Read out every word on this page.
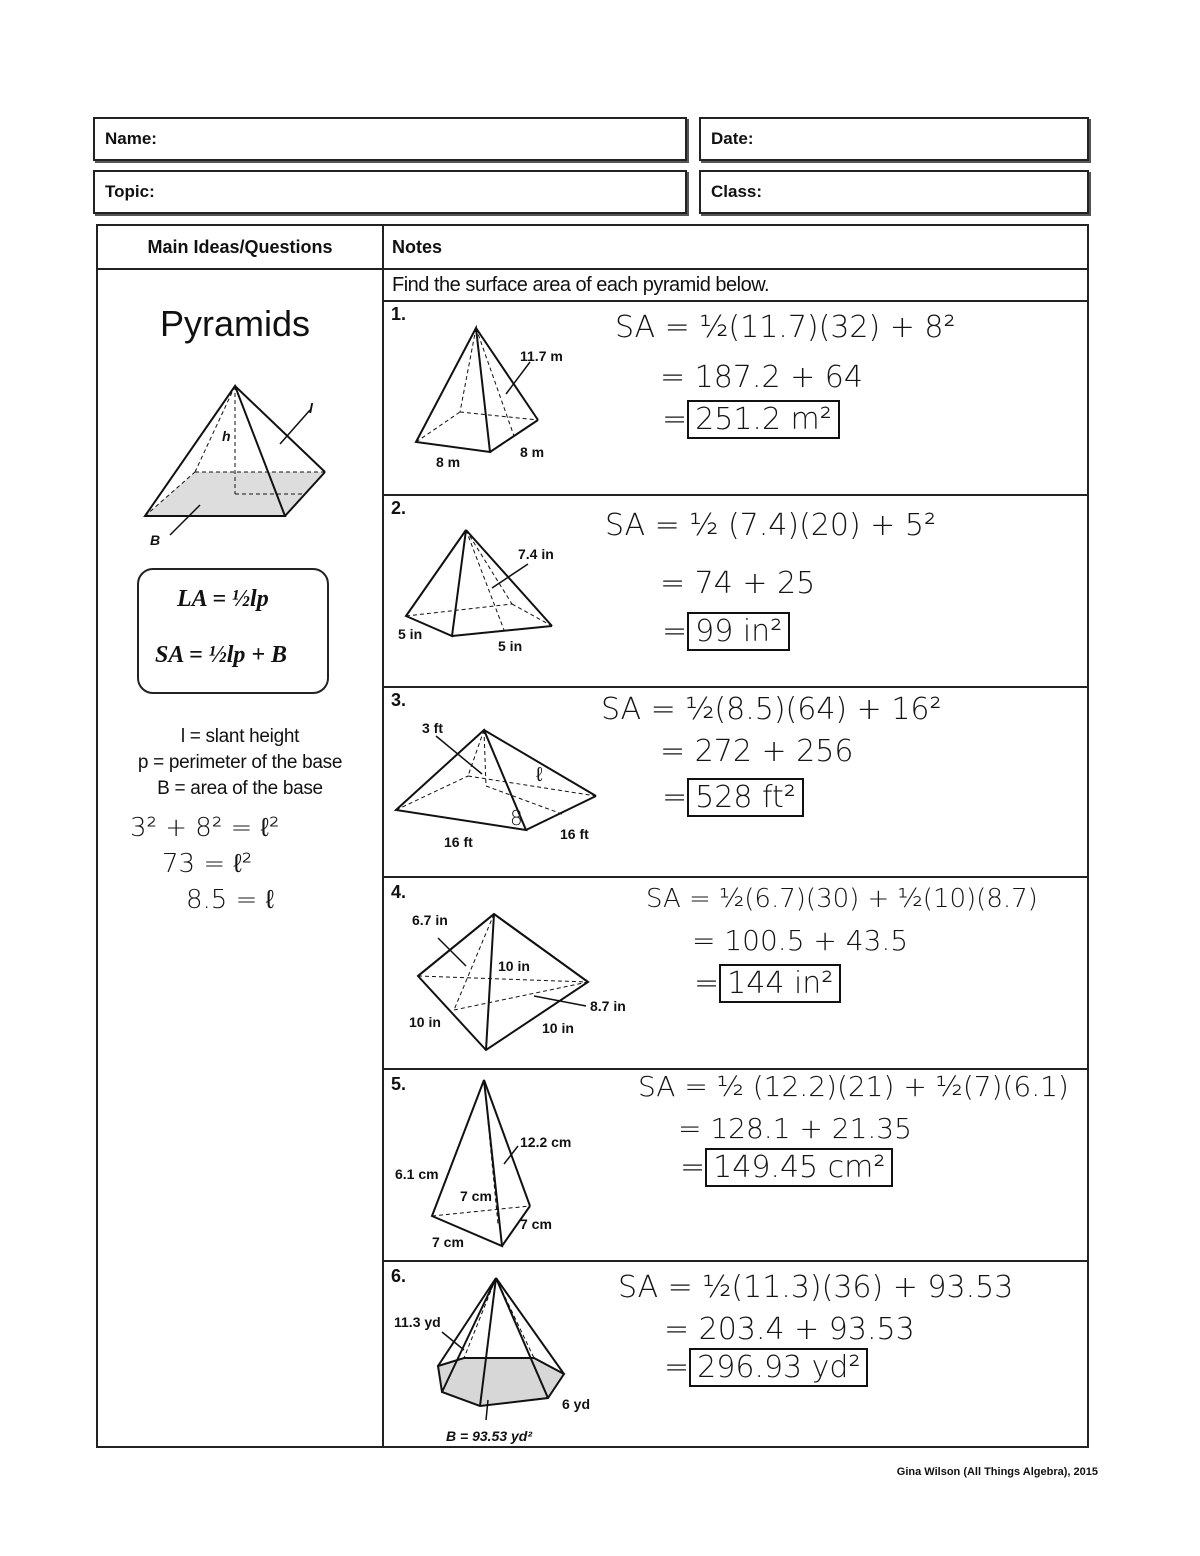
Name:	Date:
Topic:	Class:
Main Ideas/Questions	Notes
Find the surface area of each pyramid below.
Pyramids
h
l
B
LA = ½lp
SA = ½lp + B
l = slant height
p = perimeter of the base
B = area of the base
3² + 8² = ℓ²
73 = ℓ²
8.5 = ℓ
1.
11.7 m
8 m
8 m
SA = ½(11.7)(32) + 8²
= 187.2 + 64
= 251.2 m²
2.
7.4 in
5 in
5 in
SA = ½ (7.4)(20) + 5²
= 74 + 25
= 99 in²
3.
3 ft
ℓ
8
16 ft	16 ft
SA = ½(8.5)(64) + 16²
= 272 + 256
= 528 ft²
4.
6.7 in
10 in
8.7 in
10 in	10 in
SA = ½(6.7)(30) + ½(10)(8.7)
= 100.5 + 43.5
= 144 in²
5.
12.2 cm
6.1 cm
7 cm
7 cm
7 cm
SA = ½ (12.2)(21) + ½(7)(6.1)
= 128.1 + 21.35
= 149.45 cm²
6.
11.3 yd
6 yd
B = 93.53 yd²
SA = ½(11.3)(36) + 93.53
= 203.4 + 93.53
= 296.93 yd²
Gina Wilson (All Things Algebra), 2015
